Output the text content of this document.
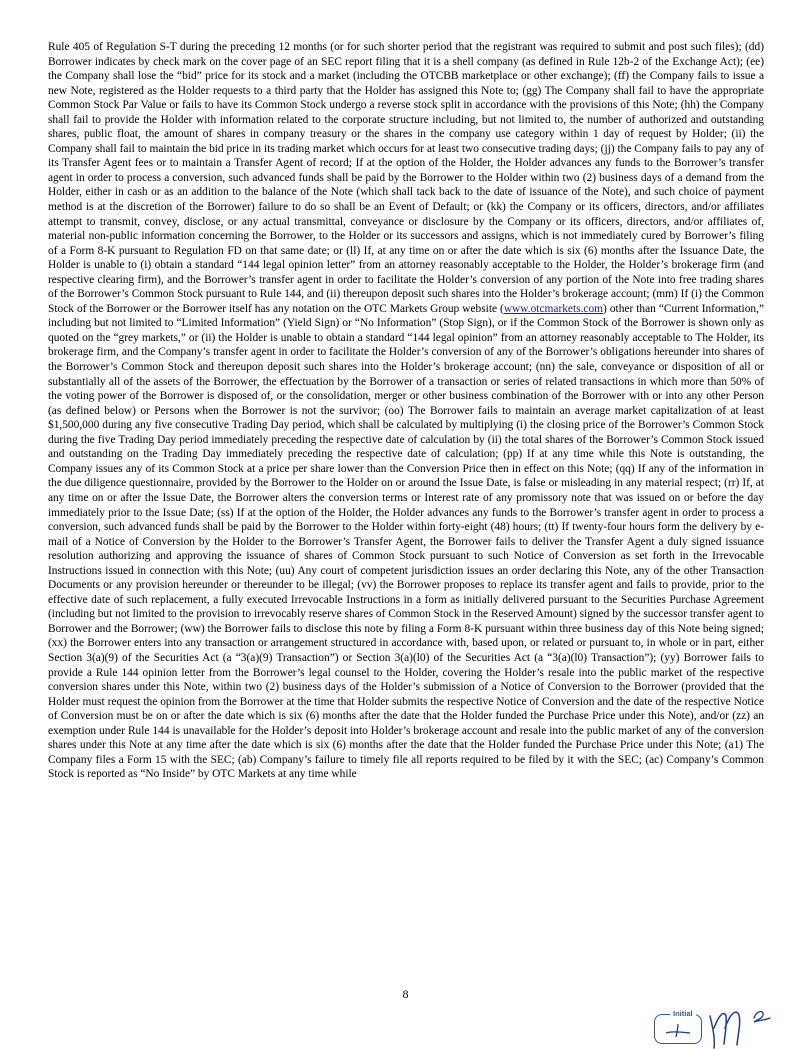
Rule 405 of Regulation S-T during the preceding 12 months (or for such shorter period that the registrant was required to submit and post such files); (dd) Borrower indicates by check mark on the cover page of an SEC report filing that it is a shell company (as defined in Rule 12b-2 of the Exchange Act); (ee) the Company shall lose the “bid” price for its stock and a market (including the OTCBB marketplace or other exchange); (ff) the Company fails to issue a new Note, registered as the Holder requests to a third party that the Holder has assigned this Note to; (gg) The Company shall fail to have the appropriate Common Stock Par Value or fails to have its Common Stock undergo a reverse stock split in accordance with the provisions of this Note; (hh) the Company shall fail to provide the Holder with information related to the corporate structure including, but not limited to, the number of authorized and outstanding shares, public float, the amount of shares in company treasury or the shares in the company use category within 1 day of request by Holder; (ii) the Company shall fail to maintain the bid price in its trading market which occurs for at least two consecutive trading days; (jj) the Company fails to pay any of its Transfer Agent fees or to maintain a Transfer Agent of record; If at the option of the Holder, the Holder advances any funds to the Borrower’s transfer agent in order to process a conversion, such advanced funds shall be paid by the Borrower to the Holder within two (2) business days of a demand from the Holder, either in cash or as an addition to the balance of the Note (which shall tack back to the date of issuance of the Note), and such choice of payment method is at the discretion of the Borrower) failure to do so shall be an Event of Default; or (kk) the Company or its officers, directors, and/or affiliates attempt to transmit, convey, disclose, or any actual transmittal, conveyance or disclosure by the Company or its officers, directors, and/or affiliates of, material non-public information concerning the Borrower, to the Holder or its successors and assigns, which is not immediately cured by Borrower’s filing of a Form 8-K pursuant to Regulation FD on that same date; or (ll) If, at any time on or after the date which is six (6) months after the Issuance Date, the Holder is unable to (i) obtain a standard “144 legal opinion letter” from an attorney reasonably acceptable to the Holder, the Holder’s brokerage firm (and respective clearing firm), and the Borrower’s transfer agent in order to facilitate the Holder’s conversion of any portion of the Note into free trading shares of the Borrower’s Common Stock pursuant to Rule 144, and (ii) thereupon deposit such shares into the Holder’s brokerage account; (mm) If (i) the Common Stock of the Borrower or the Borrower itself has any notation on the OTC Markets Group website (www.otcmarkets.com) other than “Current Information,” including but not limited to “Limited Information” (Yield Sign) or “No Information” (Stop Sign), or if the Common Stock of the Borrower is shown only as quoted on the “grey markets,” or (ii) the Holder is unable to obtain a standard “144 legal opinion” from an attorney reasonably acceptable to The Holder, its brokerage firm, and the Company’s transfer agent in order to facilitate the Holder’s conversion of any of the Borrower’s obligations hereunder into shares of the Borrower’s Common Stock and thereupon deposit such shares into the Holder’s brokerage account; (nn) the sale, conveyance or disposition of all or substantially all of the assets of the Borrower, the effectuation by the Borrower of a transaction or series of related transactions in which more than 50% of the voting power of the Borrower is disposed of, or the consolidation, merger or other business combination of the Borrower with or into any other Person (as defined below) or Persons when the Borrower is not the survivor; (oo) The Borrower fails to maintain an average market capitalization of at least $1,500,000 during any five consecutive Trading Day period, which shall be calculated by multiplying (i) the closing price of the Borrower’s Common Stock during the five Trading Day period immediately preceding the respective date of calculation by (ii) the total shares of the Borrower’s Common Stock issued and outstanding on the Trading Day immediately preceding the respective date of calculation; (pp) If at any time while this Note is outstanding, the Company issues any of its Common Stock at a price per share lower than the Conversion Price then in effect on this Note; (qq) If any of the information in the due diligence questionnaire, provided by the Borrower to the Holder on or around the Issue Date, is false or misleading in any material respect; (rr) If, at any time on or after the Issue Date, the Borrower alters the conversion terms or Interest rate of any promissory note that was issued on or before the day immediately prior to the Issue Date; (ss) If at the option of the Holder, the Holder advances any funds to the Borrower’s transfer agent in order to process a conversion, such advanced funds shall be paid by the Borrower to the Holder within forty-eight (48) hours; (tt) If twenty-four hours form the delivery by e-mail of a Notice of Conversion by the Holder to the Borrower’s Transfer Agent, the Borrower fails to deliver the Transfer Agent a duly signed issuance resolution authorizing and approving the issuance of shares of Common Stock pursuant to such Notice of Conversion as set forth in the Irrevocable Instructions issued in connection with this Note; (uu) Any court of competent jurisdiction issues an order declaring this Note, any of the other Transaction Documents or any provision hereunder or thereunder to be illegal; (vv) the Borrower proposes to replace its transfer agent and fails to provide, prior to the effective date of such replacement, a fully executed Irrevocable Instructions in a form as initially delivered pursuant to the Securities Purchase Agreement (including but not limited to the provision to irrevocably reserve shares of Common Stock in the Reserved Amount) signed by the successor transfer agent to Borrower and the Borrower; (ww) the Borrower fails to disclose this note by filing a Form 8-K pursuant within three business day of this Note being signed; (xx) the Borrower enters into any transaction or arrangement structured in accordance with, based upon, or related or pursuant to, in whole or in part, either Section 3(a)(9) of the Securities Act (a “3(a)(9) Transaction”) or Section 3(a)(l0) of the Securities Act (a “3(a)(l0) Transaction”); (yy) Borrower fails to provide a Rule 144 opinion letter from the Borrower’s legal counsel to the Holder, covering the Holder’s resale into the public market of the respective conversion shares under this Note, within two (2) business days of the Holder’s submission of a Notice of Conversion to the Borrower (provided that the Holder must request the opinion from the Borrower at the time that Holder submits the respective Notice of Conversion and the date of the respective Notice of Conversion must be on or after the date which is six (6) months after the date that the Holder funded the Purchase Price under this Note), and/or (zz) an exemption under Rule 144 is unavailable for the Holder’s deposit into Holder’s brokerage account and resale into the public market of any of the conversion shares under this Note at any time after the date which is six (6) months after the date that the Holder funded the Purchase Price under this Note; (a1) The Company files a Form 15 with the SEC; (ab) Company’s failure to timely file all reports required to be filed by it with the SEC; (ac) Company’s Common Stock is reported as “No Inside” by OTC Markets at any time while

8
Initial
